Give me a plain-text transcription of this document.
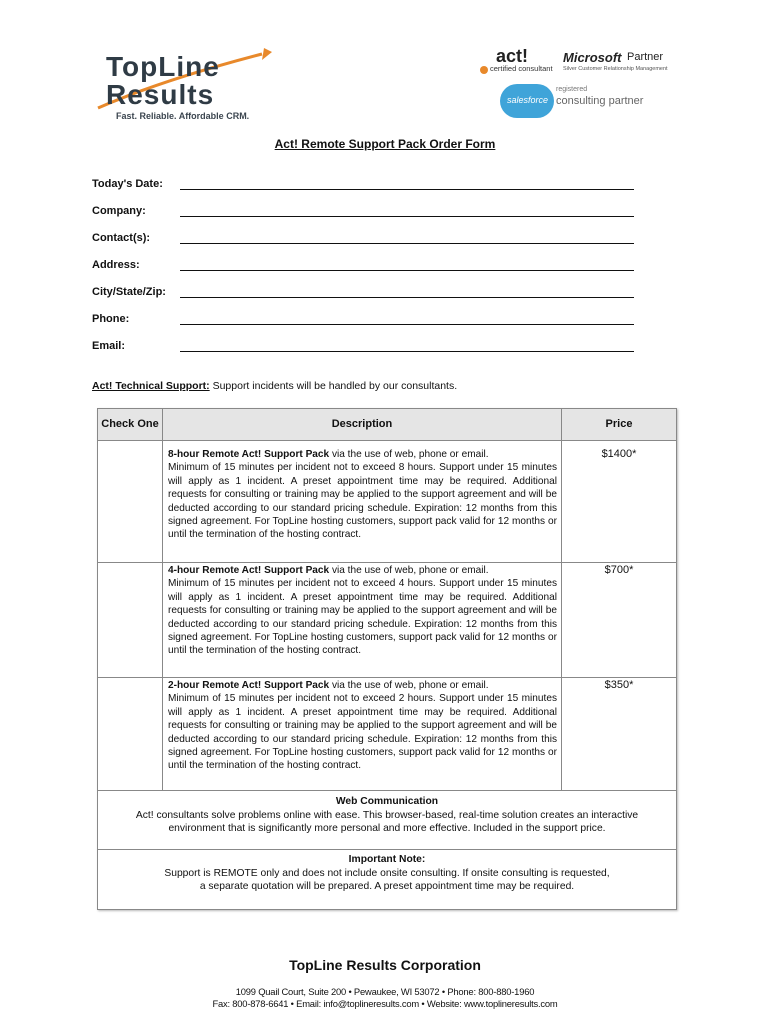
TopLine
Results
Fast. Reliable. Affordable CRM.
act!
certified consultant
Microsoft Partner
Silver Customer Relationship Management
salesforce
registered
consulting partner
Act! Remote Support Pack Order Form
Today's Date:
Company:
Contact(s):
Address:
City/State/Zip:
Phone:
Email:
Act! Technical Support: Support incidents will be handled by our consultants.
Check One	Description	Price
8-hour Remote Act! Support Pack via the use of web, phone or email.
Minimum of 15 minutes per incident not to exceed 8 hours. Support under 15 minutes will apply as 1 incident. A preset appointment time may be required. Additional requests for consulting or training may be applied to the support agreement and will be deducted according to our standard pricing schedule. Expiration: 12 months from this signed agreement. For TopLine hosting customers, support pack valid for 12 months or until the termination of the hosting contract.
$1400*
4-hour Remote Act! Support Pack via the use of web, phone or email.
Minimum of 15 minutes per incident not to exceed 4 hours. Support under 15 minutes will apply as 1 incident. A preset appointment time may be required. Additional requests for consulting or training may be applied to the support agreement and will be deducted according to our standard pricing schedule. Expiration: 12 months from this signed agreement. For TopLine hosting customers, support pack valid for 12 months or until the termination of the hosting contract.
$700*
2-hour Remote Act! Support Pack via the use of web, phone or email.
Minimum of 15 minutes per incident not to exceed 2 hours. Support under 15 minutes will apply as 1 incident. A preset appointment time may be required. Additional requests for consulting or training may be applied to the support agreement and will be deducted according to our standard pricing schedule. Expiration: 12 months from this signed agreement. For TopLine hosting customers, support pack valid for 12 months or until the termination of the hosting contract.
$350*
Web Communication
Act! consultants solve problems online with ease. This browser-based, real-time solution creates an interactive environment that is significantly more personal and more effective. Included in the support price.
Important Note:
Support is REMOTE only and does not include onsite consulting. If onsite consulting is requested,
a separate quotation will be prepared. A preset appointment time may be required.
TopLine Results Corporation
1099 Quail Court, Suite 200 • Pewaukee, WI 53072 • Phone: 800-880-1960
Fax: 800-878-6641 • Email: info@toplineresults.com • Website: www.toplineresults.com
